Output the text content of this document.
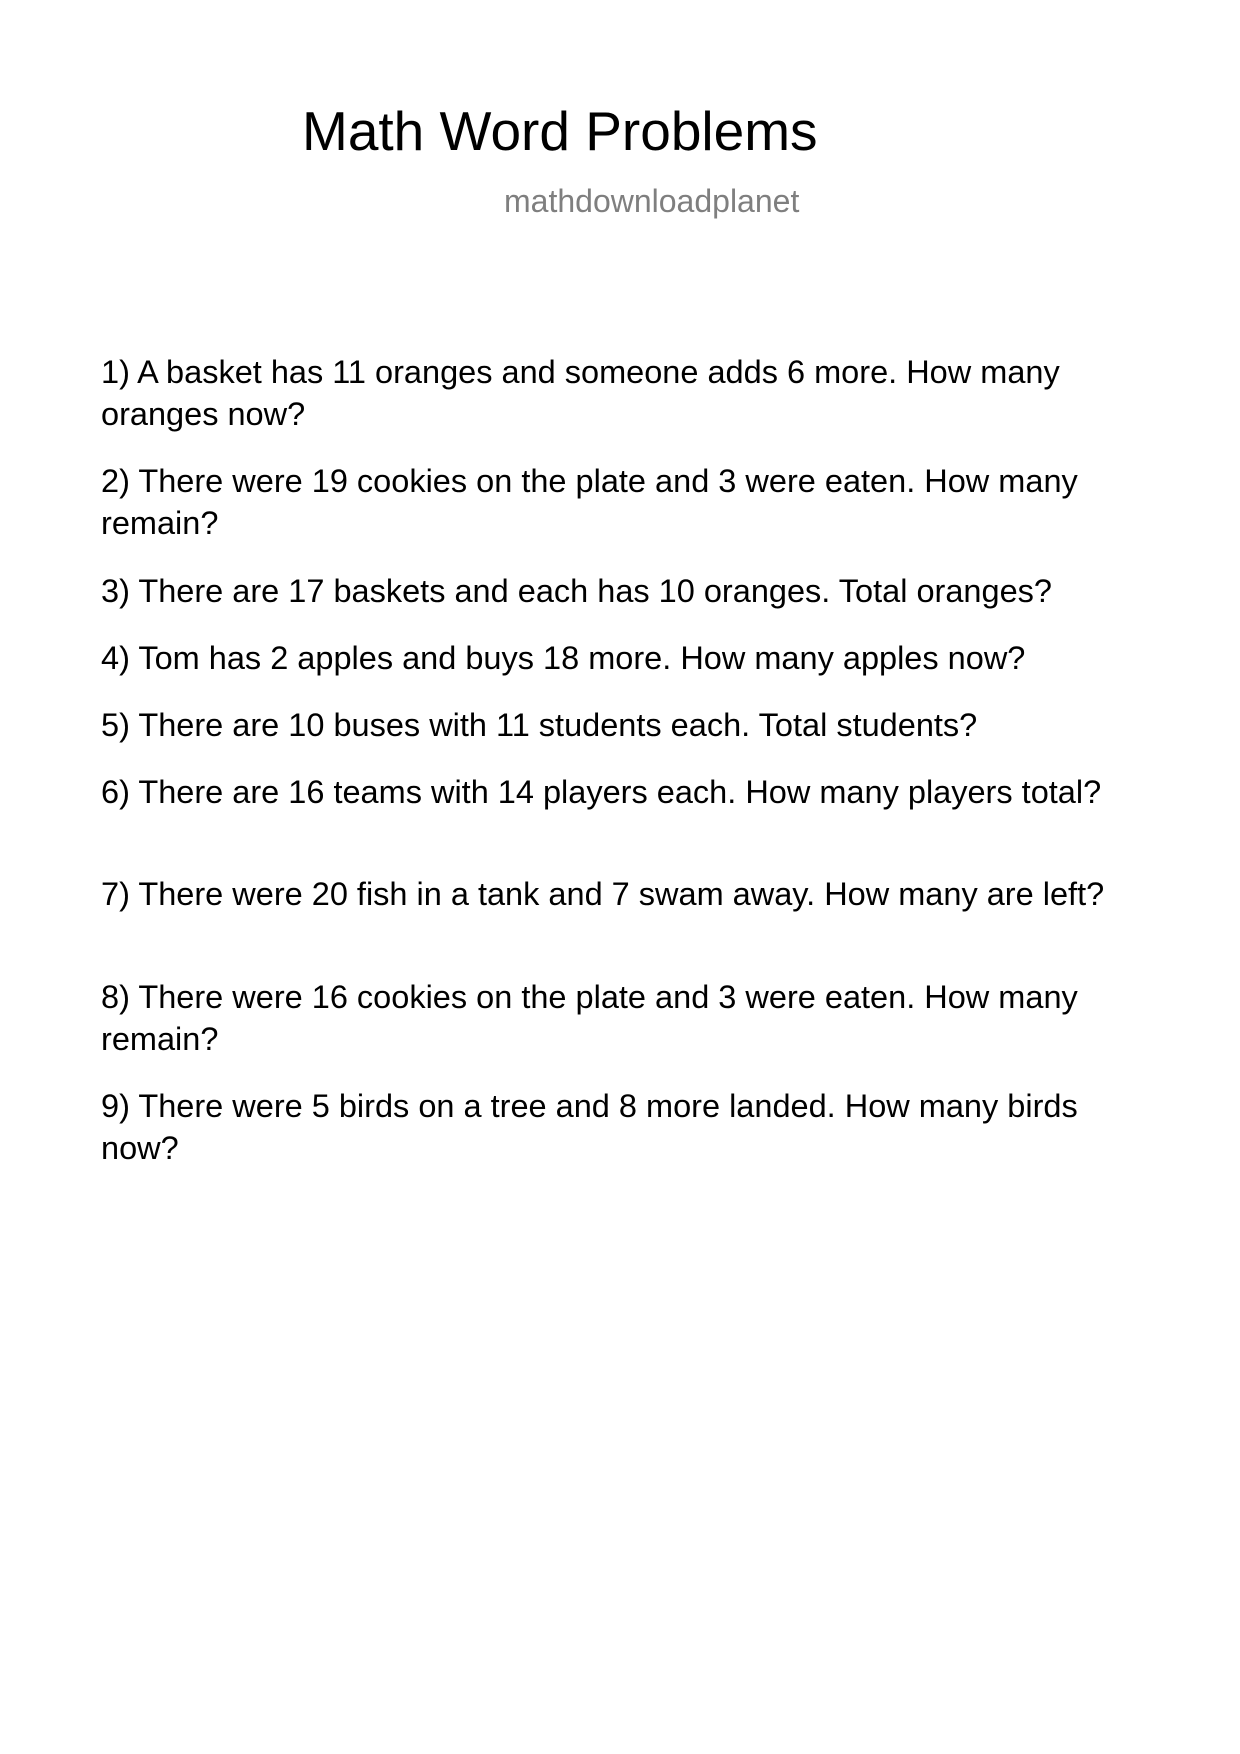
Math Word Problems
mathdownloadplanet
1) A basket has 11 oranges and someone adds 6 more. How many oranges now?
2) There were 19 cookies on the plate and 3 were eaten. How many remain?
3) There are 17 baskets and each has 10 oranges. Total oranges?
4) Tom has 2 apples and buys 18 more. How many apples now?
5) There are 10 buses with 11 students each. Total students?
6) There are 16 teams with 14 players each. How many players total?
7) There were 20 fish in a tank and 7 swam away. How many are left?
8) There were 16 cookies on the plate and 3 were eaten. How many remain?
9) There were 5 birds on a tree and 8 more landed. How many birds now?
